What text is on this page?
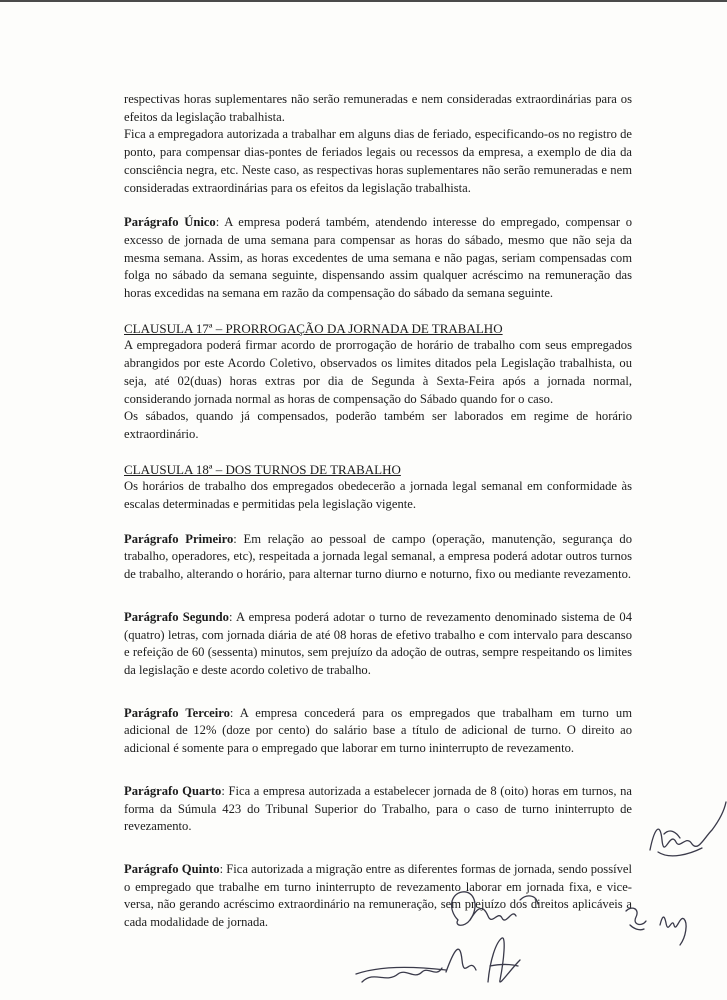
respectivas horas suplementares não serão remuneradas e nem consideradas extraordinárias para os efeitos da legislação trabalhista.

Fica a empregadora autorizada a trabalhar em alguns dias de feriado, especificando-os no registro de ponto, para compensar dias-pontes de feriados legais ou recessos da empresa, a exemplo de dia da consciência negra, etc. Neste caso, as respectivas horas suplementares não serão remuneradas e nem consideradas extraordinárias para os efeitos da legislação trabalhista.

Parágrafo Único: A empresa poderá também, atendendo interesse do empregado, compensar o excesso de jornada de uma semana para compensar as horas do sábado, mesmo que não seja da mesma semana. Assim, as horas excedentes de uma semana e não pagas, seriam compensadas com folga no sábado da semana seguinte, dispensando assim qualquer acréscimo na remuneração das horas excedidas na semana em razão da compensação do sábado da semana seguinte.

CLAUSULA 17ª – PRORROGAÇÃO DA JORNADA DE TRABALHO

A empregadora poderá firmar acordo de prorrogação de horário de trabalho com seus empregados abrangidos por este Acordo Coletivo, observados os limites ditados pela Legislação trabalhista, ou seja, até 02(duas) horas extras por dia de Segunda à Sexta-Feira após a jornada normal, considerando jornada normal as horas de compensação do Sábado quando for o caso.

Os sábados, quando já compensados, poderão também ser laborados em regime de horário extraordinário.

CLAUSULA 18ª – DOS TURNOS DE TRABALHO

Os horários de trabalho dos empregados obedecerão a jornada legal semanal em conformidade às escalas determinadas e permitidas pela legislação vigente.

Parágrafo Primeiro: Em relação ao pessoal de campo (operação, manutenção, segurança do trabalho, operadores, etc), respeitada a jornada legal semanal, a empresa poderá adotar outros turnos de trabalho, alterando o horário, para alternar turno diurno e noturno, fixo ou mediante revezamento.

Parágrafo Segundo: A empresa poderá adotar o turno de revezamento denominado sistema de 04 (quatro) letras, com jornada diária de até 08 horas de efetivo trabalho e com intervalo para descanso e refeição de 60 (sessenta) minutos, sem prejuízo da adoção de outras, sempre respeitando os limites da legislação e deste acordo coletivo de trabalho.

Parágrafo Terceiro: A empresa concederá para os empregados que trabalham em turno um adicional de 12% (doze por cento) do salário base a título de adicional de turno. O direito ao adicional é somente para o empregado que laborar em turno ininterrupto de revezamento.

Parágrafo Quarto: Fica a empresa autorizada a estabelecer jornada de 8 (oito) horas em turnos, na forma da Súmula 423 do Tribunal Superior do Trabalho, para o caso de turno ininterrupto de revezamento.

Parágrafo Quinto: Fica autorizada a migração entre as diferentes formas de jornada, sendo possível o empregado que trabalhe em turno ininterrupto de revezamento laborar em jornada fixa, e vice-versa, não gerando acréscimo extraordinário na remuneração, sem prejuízo dos direitos aplicáveis a cada modalidade de jornada.
